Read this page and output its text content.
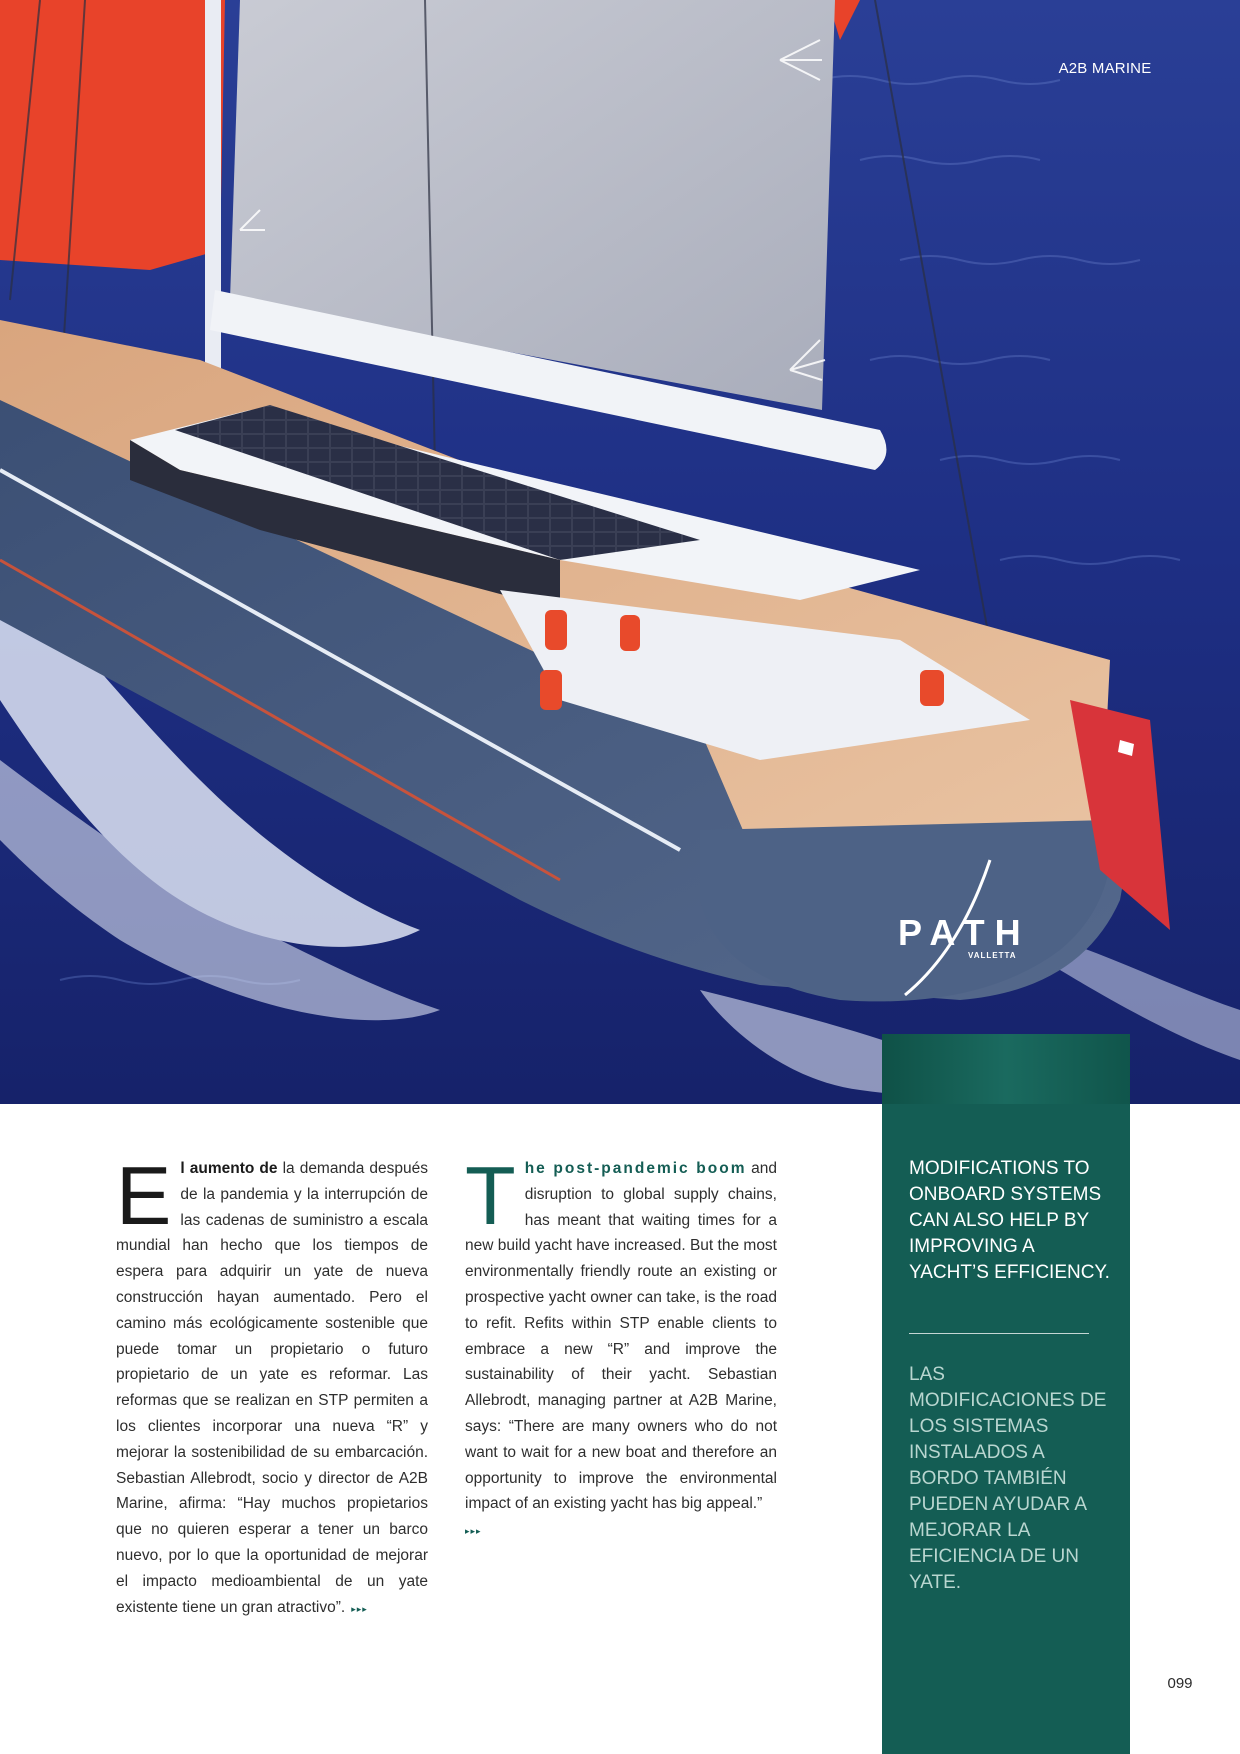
PATH
VALLETTA
A2B MARINE
MODIFICATIONS TO ONBOARD SYSTEMS CAN ALSO HELP BY IMPROVING A YACHT’S EFFICIENCY.
LAS MODIFICACIONES DE LOS SISTEMAS INSTALADOS A BORDO TAMBIÉN PUEDEN AYUDAR A MEJORAR LA EFICIENCIA DE UN YATE.
El aumento de la demanda después de la pandemia y la interrupción de las cadenas de suministro a escala mundial han hecho que los tiempos de espera para adquirir un yate de nueva construcción hayan aumentado. Pero el camino más ecológicamente sostenible que puede tomar un propietario o futuro propietario de un yate es reformar. Las reformas que se realizan en STP permiten a los clientes incorporar una nueva “R” y mejorar la sostenibilidad de su embarcación. Sebastian Allebrodt, socio y director de A2B Marine, afirma: “Hay muchos propietarios que no quieren esperar a tener un barco nuevo, por lo que la oportunidad de mejorar el impacto medioambiental de un yate existente tiene un gran atractivo”. ▸▸▸
The post-pandemic boom and disruption to global supply chains, has meant that waiting times for a new build yacht have increased. But the most environmentally friendly route an existing or prospective yacht owner can take, is the road to refit. Refits within STP enable clients to embrace a new “R” and improve the sustainability of their yacht. Sebastian Allebrodt, managing partner at A2B Marine, says: “There are many owners who do not want to wait for a new boat and therefore an opportunity to improve the environmental impact of an existing yacht has big appeal.”
▸▸▸
099
